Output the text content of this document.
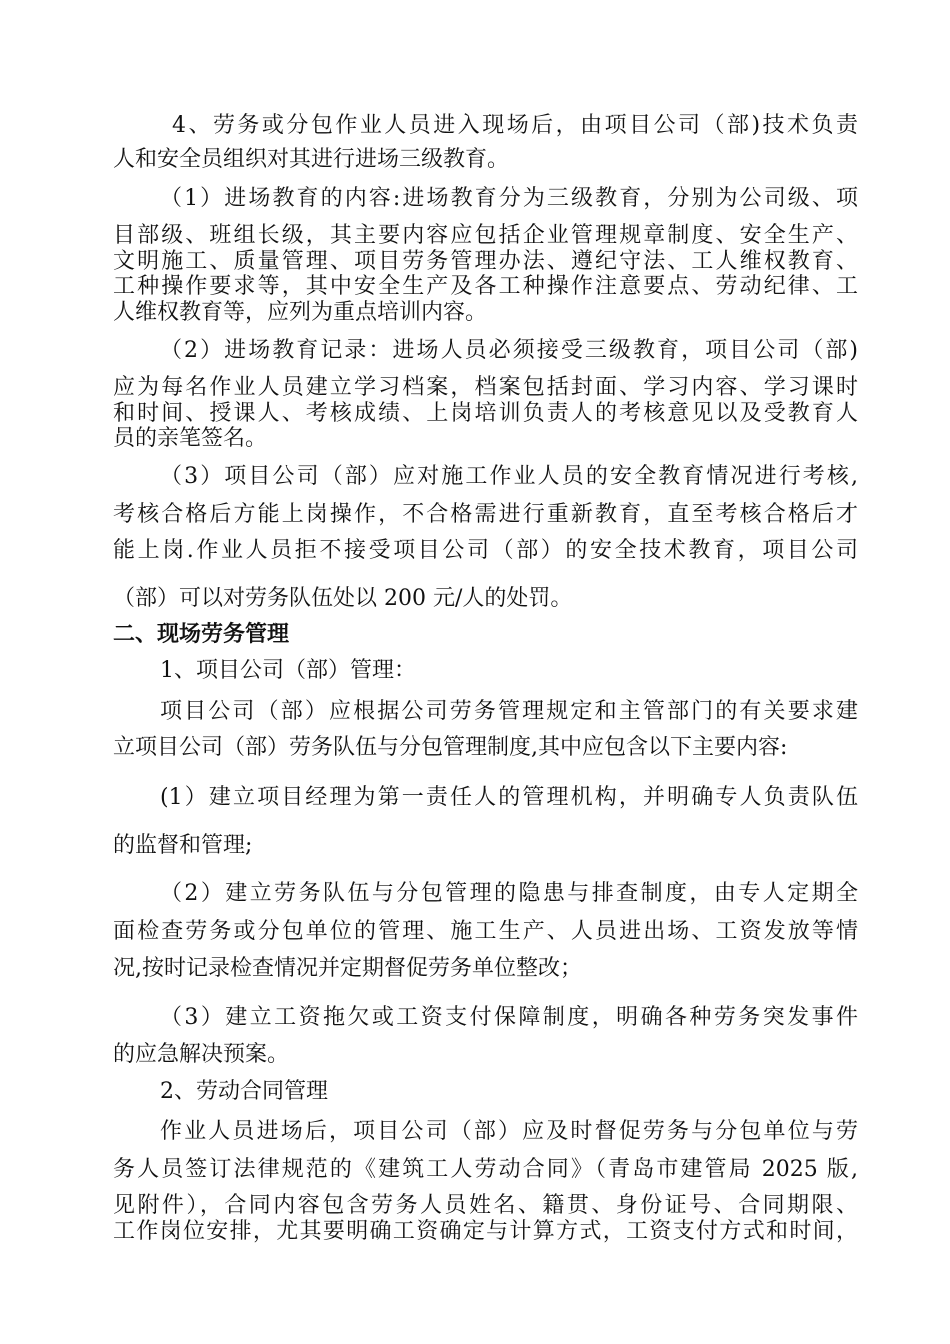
4、劳务或分包作业人员进入现场后，由项目公司（部)技术负责
人和安全员组织对其进行进场三级教育。
（1）进场教育的内容:进场教育分为三级教育，分别为公司级、项
目部级、班组长级，其主要内容应包括企业管理规章制度、安全生产、
文明施工、质量管理、项目劳务管理办法、遵纪守法、工人维权教育、
工种操作要求等，其中安全生产及各工种操作注意要点、劳动纪律、工
人维权教育等，应列为重点培训内容。
（2）进场教育记录：进场人员必须接受三级教育，项目公司（部)
应为每名作业人员建立学习档案，档案包括封面、学习内容、学习课时
和时间、授课人、考核成绩、上岗培训负责人的考核意见以及受教育人
员的亲笔签名。
（3）项目公司（部）应对施工作业人员的安全教育情况进行考核,
考核合格后方能上岗操作，不合格需进行重新教育，直至考核合格后才
能上岗.作业人员拒不接受项目公司（部）的安全技术教育，项目公司
（部）可以对劳务队伍处以 200 元/人的处罚。
二、现场劳务管理
1、项目公司（部）管理：
项目公司（部）应根据公司劳务管理规定和主管部门的有关要求建
立项目公司（部）劳务队伍与分包管理制度,其中应包含以下主要内容:
(1）建立项目经理为第一责任人的管理机构，并明确专人负责队伍
的监督和管理;
（2）建立劳务队伍与分包管理的隐患与排查制度，由专人定期全
面检查劳务或分包单位的管理、施工生产、人员进出场、工资发放等情
况,按时记录检查情况并定期督促劳务单位整改；
（3）建立工资拖欠或工资支付保障制度，明确各种劳务突发事件
的应急解决预案。
2、劳动合同管理
作业人员进场后，项目公司（部）应及时督促劳务与分包单位与劳
务人员签订法律规范的《建筑工人劳动合同》（青岛市建管局 2025 版,
见附件），合同内容包含劳务人员姓名、籍贯、身份证号、合同期限、
工作岗位安排，尤其要明确工资确定与计算方式，工资支付方式和时间，
